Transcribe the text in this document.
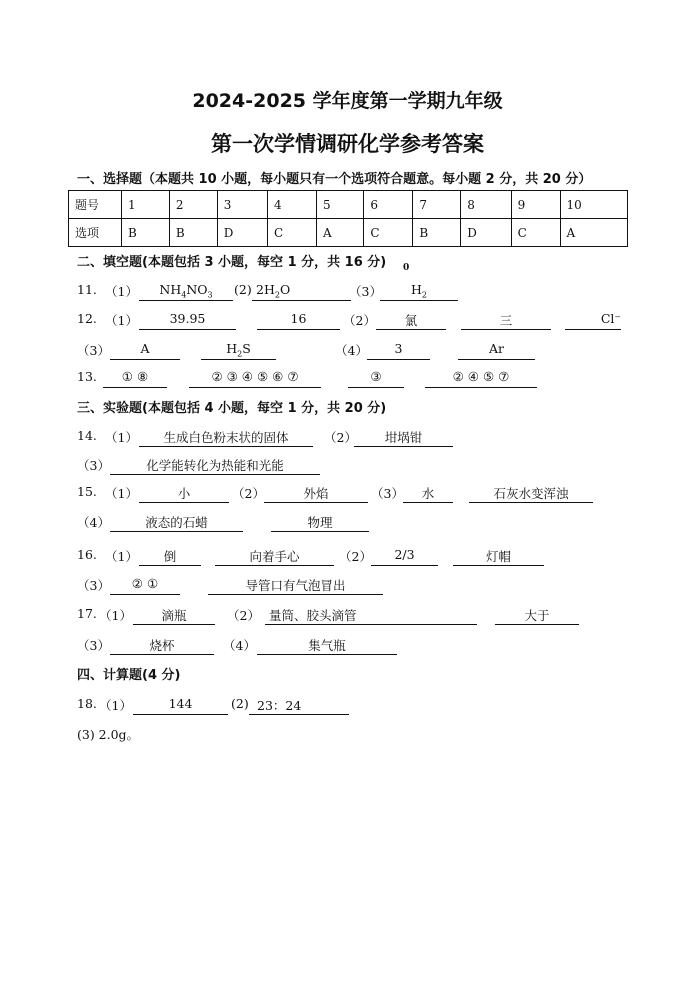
2024-2025 学年度第一学期九年级
第一次学情调研化学参考答案
一、选择题（本题共 10 小题，每小题只有一个选项符合题意。每小题 2 分，共 20 分）
题号	1	2	3	4	5	6	7	8	9	10
选项	B	B	D	C	A	C	B	D	C	A
二、填空题(本题包括 3 小题，每空 1 分，共 16 分) 0
11. （1）	$NH_4NO_3$	(2) $2H_2O$	（3）	$H_2$
12. （1）	39.95	16	（2）	氯	三	Cl⁻
（3）	A	$H_2S$	（4）	3	Ar
13.	① ⑧	② ③ ④ ⑤ ⑥ ⑦	③	② ④ ⑤ ⑦
三、实验题(本题包括 4 小题，每空 1 分，共 20 分)
14. （1）	生成白色粉末状的固体	（2）	坩埚钳
（3）	化学能转化为热能和光能
15. （1）	小	（2）	外焰	（3）	水	石灰水变浑浊
（4）	液态的石蜡	物理
16. （1）	倒	向着手心	（2）	2/3	灯帽
（3）	② ①	导管口有气泡冒出
17. （1）	滴瓶	（2） 量筒、胶头滴管	大于
（3）	烧杯	（4）	集气瓶
四、计算题(4 分)
18. （1）	144	(2) 23：24
(3) 2.0g。
